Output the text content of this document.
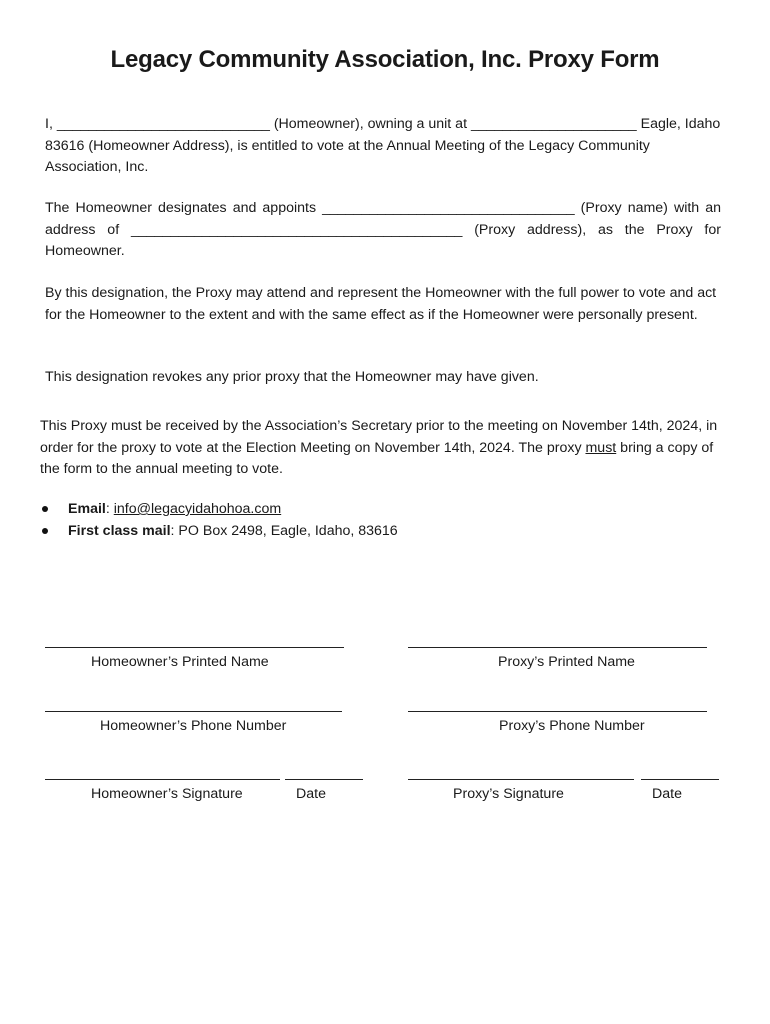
Legacy Community Association, Inc. Proxy Form
I, ___________________________ (Homeowner), owning a unit at _____________________ Eagle, Idaho 83616 (Homeowner Address), is entitled to vote at the Annual Meeting of the Legacy Community Association, Inc.
The Homeowner designates and appoints ________________________________ (Proxy name) with an address of __________________________________________ (Proxy address), as the Proxy for Homeowner.
By this designation, the Proxy may attend and represent the Homeowner with the full power to vote and act for the Homeowner to the extent and with the same effect as if the Homeowner were personally present.
This designation revokes any prior proxy that the Homeowner may have given.
This Proxy must be received by the Association’s Secretary prior to the meeting on November 14th, 2024, in order for the proxy to vote at the Election Meeting on November 14th, 2024. The proxy must bring a copy of the form to the annual meeting to vote.
Email: info@legacyidahohoa.com
First class mail: PO Box 2498, Eagle, Idaho, 83616
Homeowner’s Printed Name	Proxy’s Printed Name
Homeowner’s Phone Number	Proxy’s Phone Number
Homeowner’s Signature	Date	Proxy’s Signature	Date
